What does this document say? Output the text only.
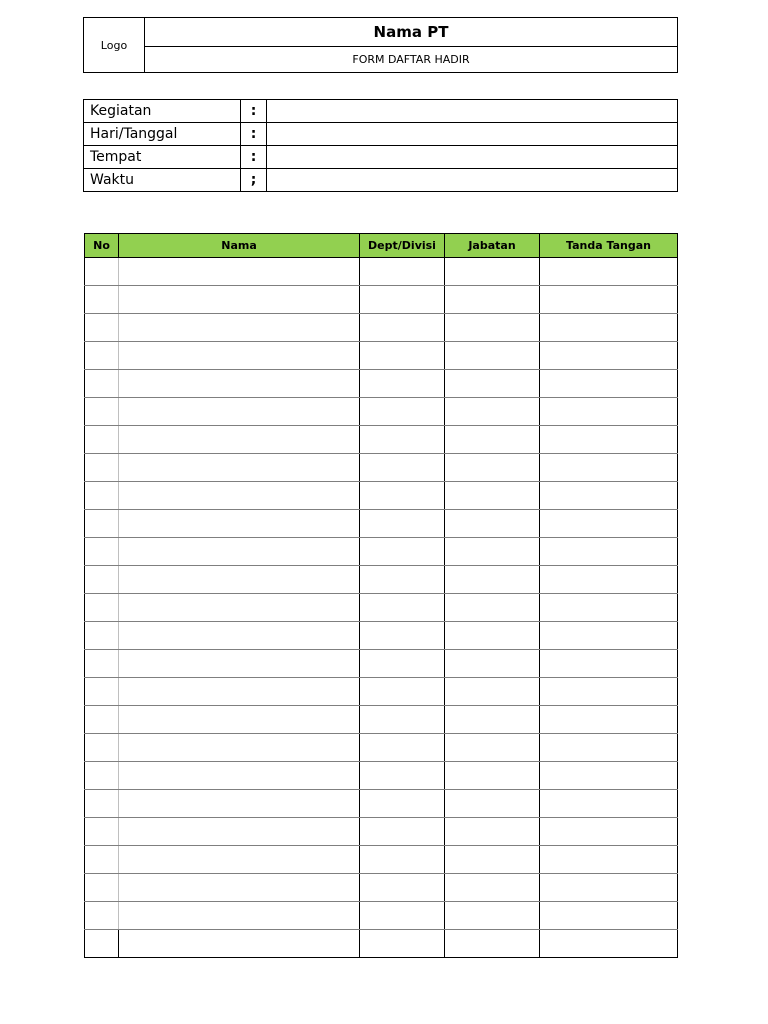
Logo
Nama PT
FORM DAFTAR HADIR
Kegiatan	:	
Hari/Tanggal	:	
Tempat	:	
Waktu	;	
No	Nama	Dept/Divisi	Jabatan	Tanda Tangan
